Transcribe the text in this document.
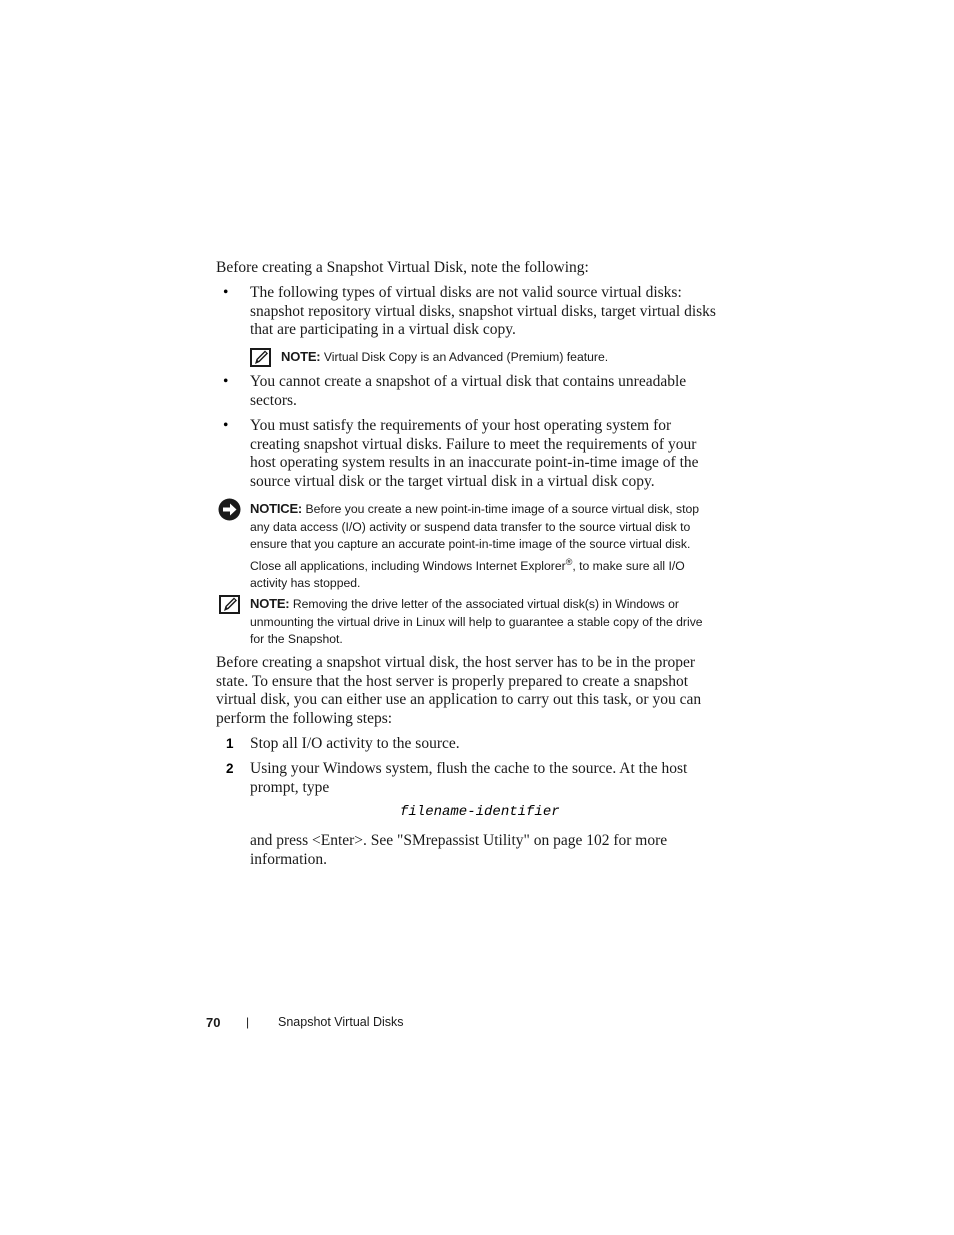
Before creating a Snapshot Virtual Disk, note the following:
• The following types of virtual disks are not valid source virtual disks: snapshot repository virtual disks, snapshot virtual disks, target virtual disks that are participating in a virtual disk copy.
NOTE: Virtual Disk Copy is an Advanced (Premium) feature.
• You cannot create a snapshot of a virtual disk that contains unreadable sectors.
• You must satisfy the requirements of your host operating system for creating snapshot virtual disks. Failure to meet the requirements of your host operating system results in an inaccurate point-in-time image of the source virtual disk or the target virtual disk in a virtual disk copy.
NOTICE: Before you create a new point-in-time image of a source virtual disk, stop any data access (I/O) activity or suspend data transfer to the source virtual disk to ensure that you capture an accurate point-in-time image of the source virtual disk. Close all applications, including Windows Internet Explorer®, to make sure all I/O activity has stopped.
NOTE: Removing the drive letter of the associated virtual disk(s) in Windows or unmounting the virtual drive in Linux will help to guarantee a stable copy of the drive for the Snapshot.
Before creating a snapshot virtual disk, the host server has to be in the proper state. To ensure that the host server is properly prepared to create a snapshot virtual disk, you can either use an application to carry out this task, or you can perform the following steps:
1 Stop all I/O activity to the source.
2 Using your Windows system, flush the cache to the source. At the host prompt, type
filename-identifier
and press <Enter>. See "SMrepassist Utility" on page 102 for more information.
70 | Snapshot Virtual Disks
